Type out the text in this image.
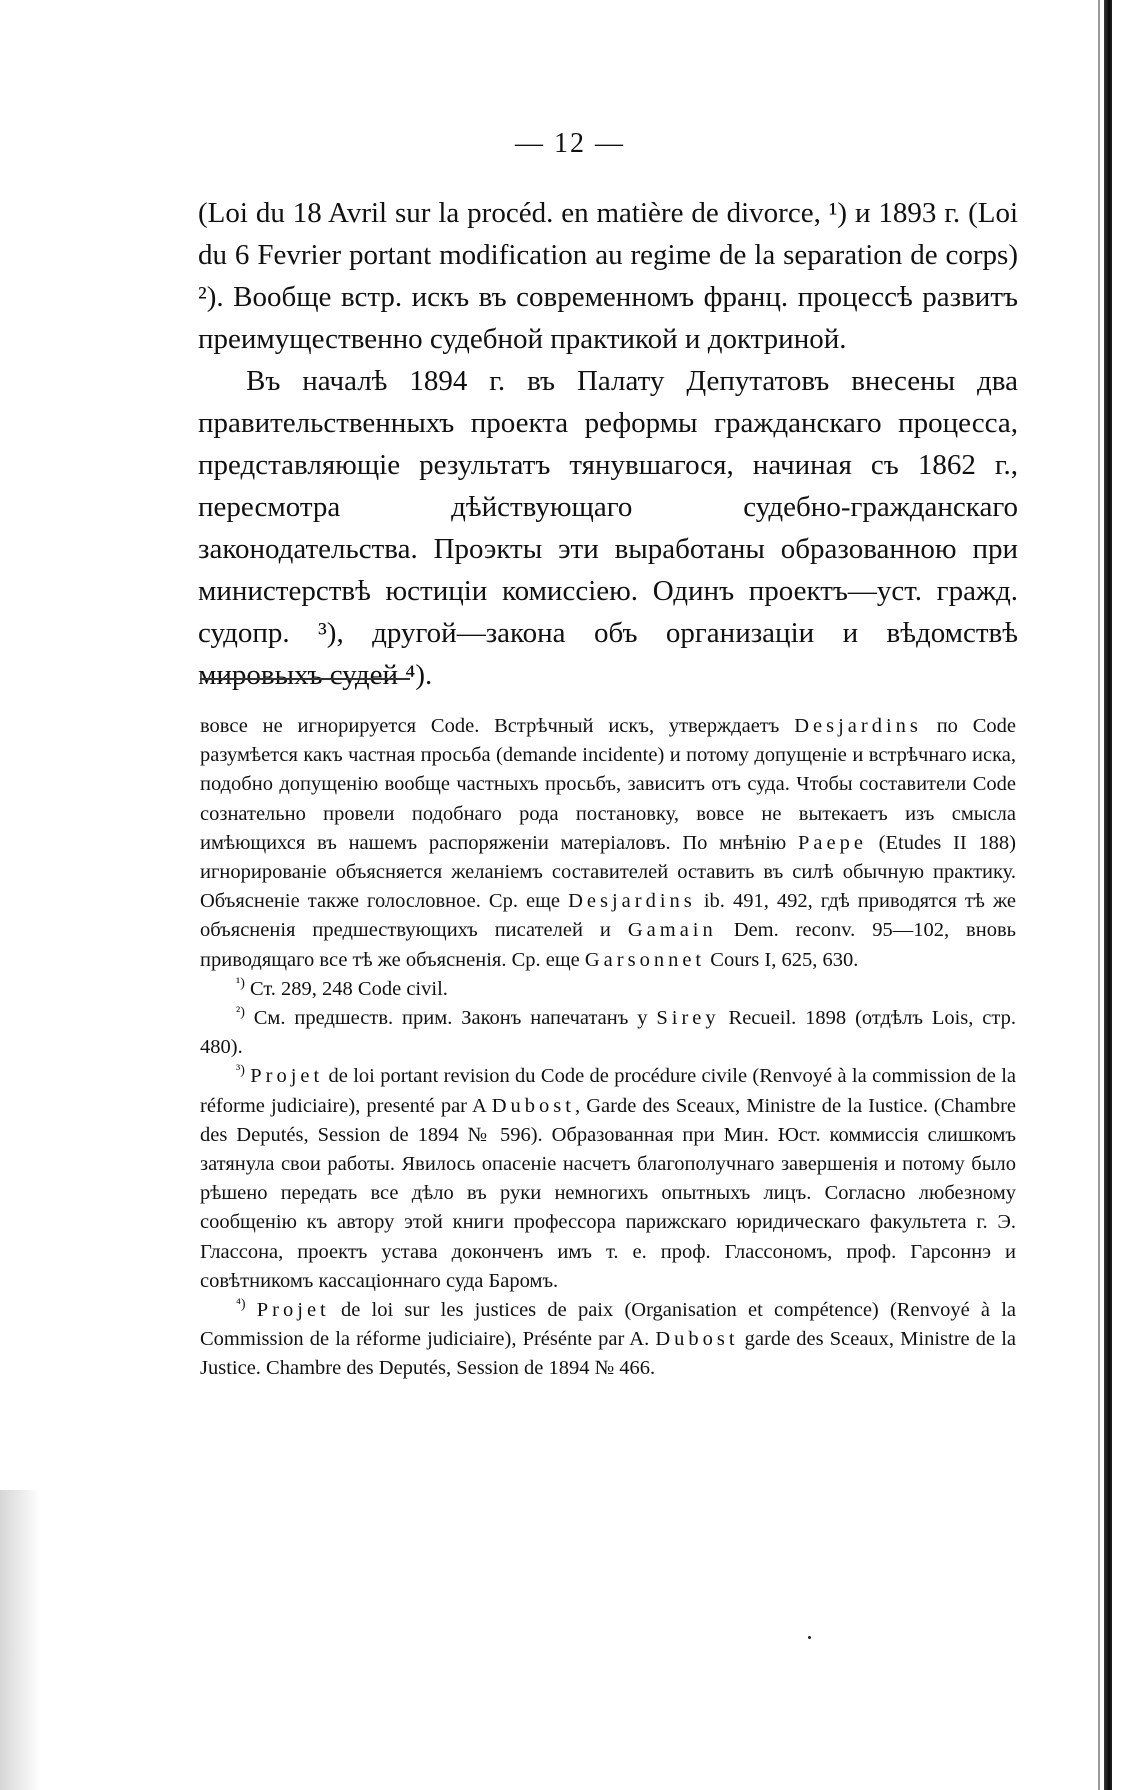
— 12 —

(Loi du 18 Avril sur la procéd. en matière de divorce, ¹) и 1893 г. (Loi du 6 Fevrier portant modification au regime de la separation de corps) ²). Вообще встр. искъ въ современномъ франц. процессѣ развитъ преимущественно судебной практикой и доктриной.

Въ началѣ 1894 г. въ Палату Депутатовъ внесены два правительственныхъ проекта реформы гражданскаго процесса, представляющіе результатъ тянувшагося, начиная съ 1862 г., пересмотра дѣйствующаго судебно-гражданскаго законодательства. Проэкты эти выработаны образованною при министерствѣ юстиціи комиссіею. Одинъ проектъ—уст. гражд. судопр. ³), другой—закона объ организаціи и вѣдомствѣ мировыхъ судей ⁴).

вовсе не игнорируется Code. Встрѣчный искъ, утверждаетъ Desjardins по Code разумѣется какъ частная просьба (demande incidente) и потому допущеніе и встрѣчнаго иска, подобно допущенію вообще частныхъ просьбъ, зависитъ отъ суда. Чтобы составители Code сознательно провели подобнаго рода постановку, вовсе не вытекаетъ изъ смысла имѣющихся въ нашемъ распоряженіи матеріаловъ. По мнѣнію Paepe (Etudes II 188) игнорированіе объясняется желаніемъ составителей оставить въ силѣ обычную практику. Объясненіе также голословное. Ср. еще Desjardins ib. 491, 492, гдѣ приводятся тѣ же объясненія предшествующихъ писателей и Gamain Dem. reconv. 95—102, вновь приводящаго все тѣ же объясненія. Ср. еще Garsonnet Cours I, 625, 630.

$^{^1)}$ Ст. 289, 248 Code civil.

$^{^2)}$ См. предшеств. прим. Законъ напечатанъ у Sirey Recueil. 1898 (отдѣлъ Lois, стр. 480).

$^{^3)}$ Projet de loi portant revision du Code de procédure civile (Renvoyé à la commission de la réforme judiciaire), presenté par A Dubost, Garde des Sceaux, Ministre de la Iustice. (Chambre des Deputés, Session de 1894 № 596). Образованная при Мин. Юст. коммиссія слишкомъ затянула свои работы. Явилось опасеніе насчетъ благополучнаго завершенія и потому было рѣшено передать все дѣло въ руки немногихъ опытныхъ лицъ. Согласно любезному сообщенію къ автору этой книги профессора парижскаго юридическаго факультета г. Э. Глассона, проектъ устава доконченъ имъ т. е. проф. Глассономъ, проф. Гарсоннэ и совѣтникомъ кассаціоннаго суда Баромъ.

$^{^4)}$ Projet de loi sur les justices de paix (Organisation et compétence) (Renvoyé à la Commission de la réforme judiciaire), Présénte par A. Dubost garde des Sceaux, Ministre de la Justice. Chambre des Deputés, Session de 1894 № 466.
